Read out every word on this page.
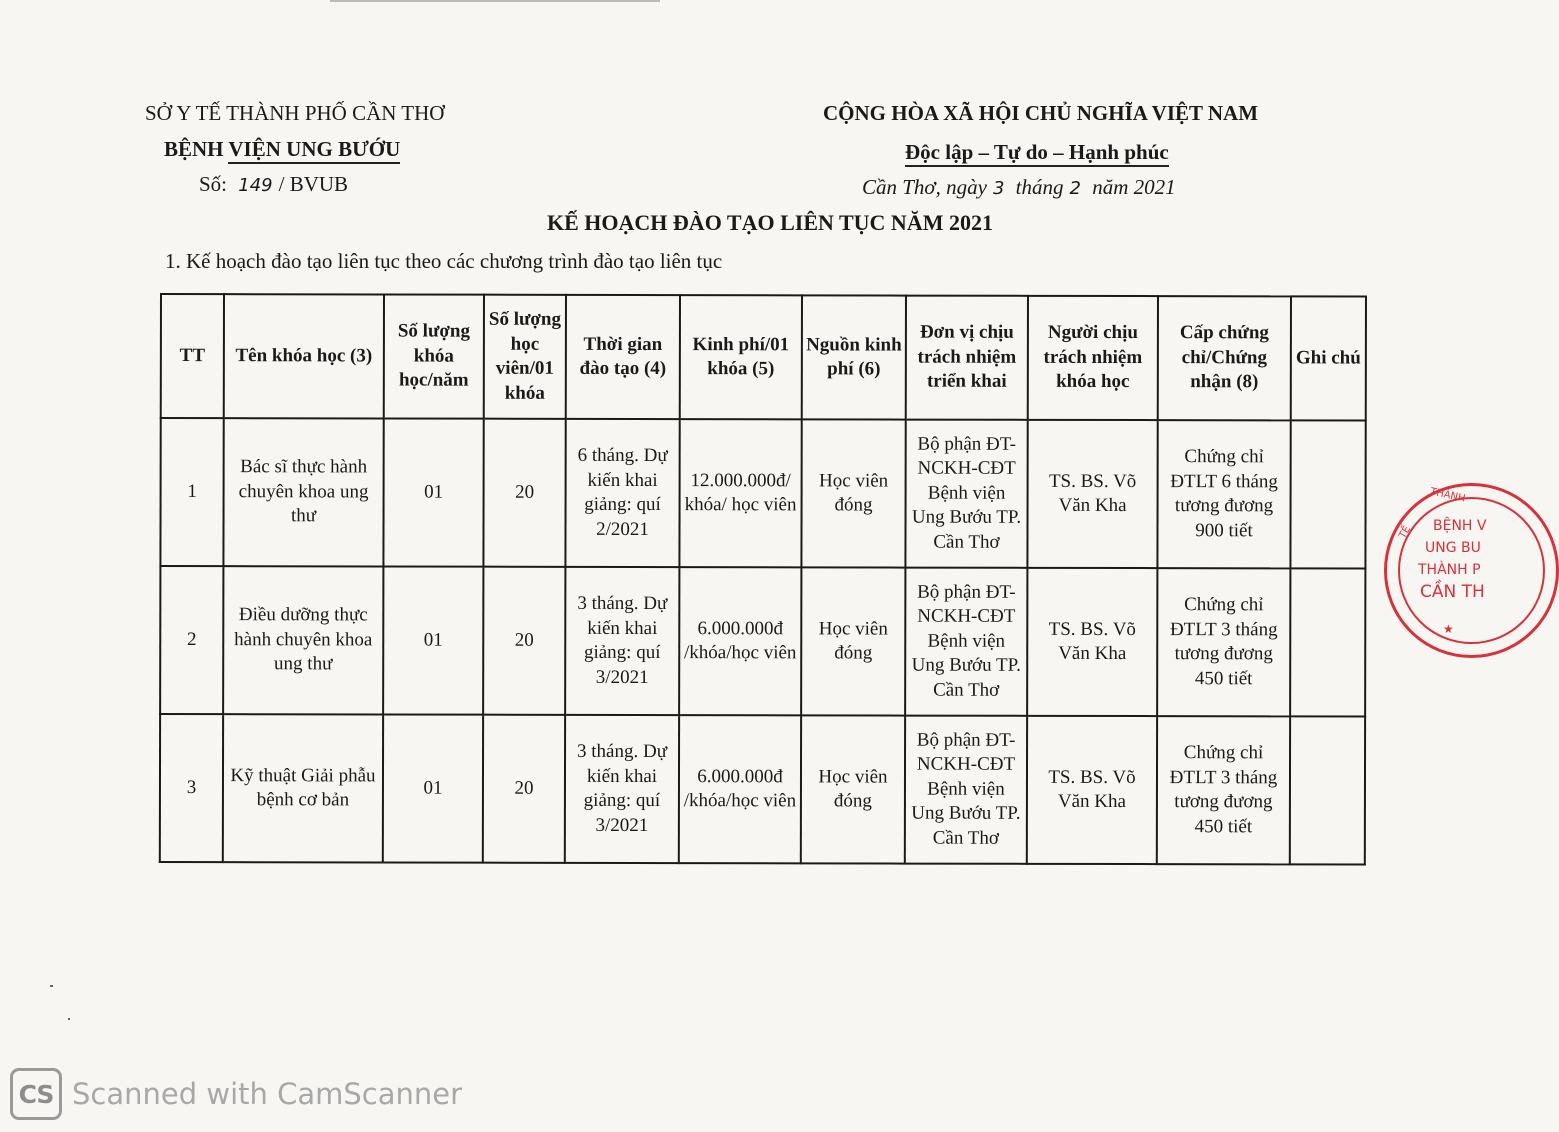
SỞ Y TẾ THÀNH PHỐ CẦN THƠ
BỆNH VIỆN UNG BƯỚU
Số: 149 / BVUB
CỘNG HÒA XÃ HỘI CHỦ NGHĨA VIỆT NAM
Độc lập – Tự do – Hạnh phúc
Cần Thơ, ngày 3 tháng 2 năm 2021
KẾ HOẠCH ĐÀO TẠO LIÊN TỤC NĂM 2021
1. Kế hoạch đào tạo liên tục theo các chương trình đào tạo liên tục
TT	Tên khóa học (3)	Số lượng khóa học/năm	Số lượng học viên/01 khóa	Thời gian đào tạo (4)	Kinh phí/01 khóa (5)	Nguồn kinh phí (6)	Đơn vị chịu trách nhiệm triển khai	Người chịu trách nhiệm khóa học	Cấp chứng chỉ/Chứng nhận (8)	Ghi chú
1	Bác sĩ thực hành chuyên khoa ung thư	01	20	6 tháng. Dự kiến khai giảng: quí 2/2021	12.000.000đ/ khóa/ học viên	Học viên đóng	Bộ phận ĐT-NCKH-CĐT Bệnh viện Ung Bướu TP. Cần Thơ	TS. BS. Võ Văn Kha	Chứng chỉ ĐTLT 6 tháng tương đương 900 tiết	
2	Điều dưỡng thực hành chuyên khoa ung thư	01	20	3 tháng. Dự kiến khai giảng: quí 3/2021	6.000.000đ /khóa/học viên	Học viên đóng	Bộ phận ĐT-NCKH-CĐT Bệnh viện Ung Bướu TP. Cần Thơ	TS. BS. Võ Văn Kha	Chứng chỉ ĐTLT 3 tháng tương đương 450 tiết	
3	Kỹ thuật Giải phẫu bệnh cơ bản	01	20	3 tháng. Dự kiến khai giảng: quí 3/2021	6.000.000đ /khóa/học viên	Học viên đóng	Bộ phận ĐT-NCKH-CĐT Bệnh viện Ung Bướu TP. Cần Thơ	TS. BS. Võ Văn Kha	Chứng chỉ ĐTLT 3 tháng tương đương 450 tiết	
THÀNH
BỆNH V
UNG BU
THÀNH P
CẦN TH
TẾ
★
CS Scanned with CamScanner
